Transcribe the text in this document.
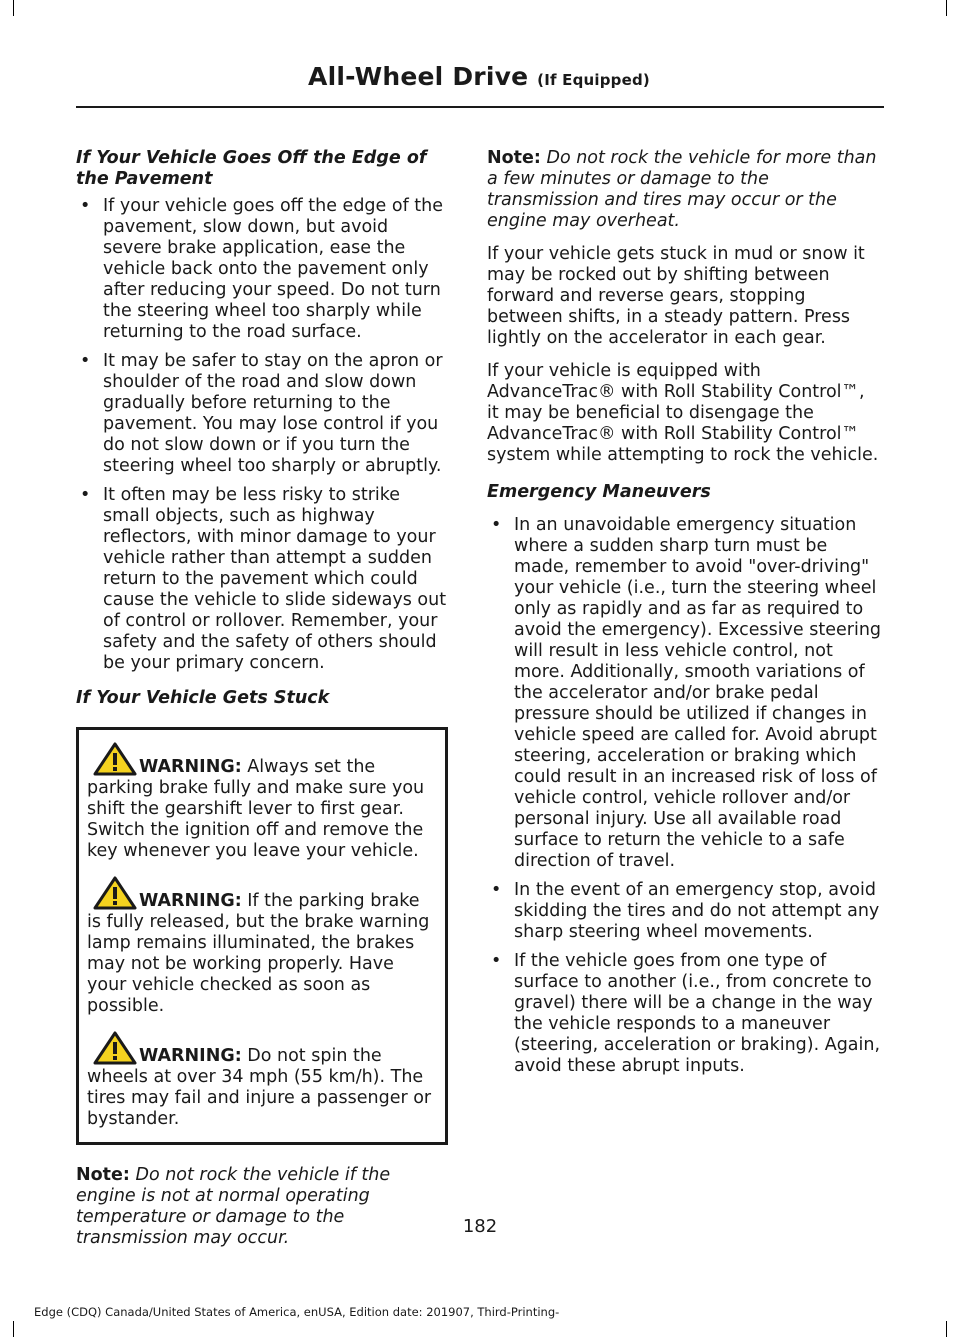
All-Wheel Drive (If Equipped)

If Your Vehicle Goes Off the Edge of the Pavement

• If your vehicle goes off the edge of the pavement, slow down, but avoid severe brake application, ease the vehicle back onto the pavement only after reducing your speed. Do not turn the steering wheel too sharply while returning to the road surface.
• It may be safer to stay on the apron or shoulder of the road and slow down gradually before returning to the pavement. You may lose control if you do not slow down or if you turn the steering wheel too sharply or abruptly.
• It often may be less risky to strike small objects, such as highway reflectors, with minor damage to your vehicle rather than attempt a sudden return to the pavement which could cause the vehicle to slide sideways out of control or rollover. Remember, your safety and the safety of others should be your primary concern.

If Your Vehicle Gets Stuck

WARNING: Always set the parking brake fully and make sure you shift the gearshift lever to first gear. Switch the ignition off and remove the key whenever you leave your vehicle.

WARNING: If the parking brake is fully released, but the brake warning lamp remains illuminated, the brakes may not be working properly. Have your vehicle checked as soon as possible.

WARNING: Do not spin the wheels at over 34 mph (55 km/h). The tires may fail and injure a passenger or bystander.

Note: Do not rock the vehicle if the engine is not at normal operating temperature or damage to the transmission may occur.

Note: Do not rock the vehicle for more than a few minutes or damage to the transmission and tires may occur or the engine may overheat.

If your vehicle gets stuck in mud or snow it may be rocked out by shifting between forward and reverse gears, stopping between shifts, in a steady pattern. Press lightly on the accelerator in each gear.

If your vehicle is equipped with AdvanceTrac® with Roll Stability Control™, it may be beneficial to disengage the AdvanceTrac® with Roll Stability Control™ system while attempting to rock the vehicle.

Emergency Maneuvers

• In an unavoidable emergency situation where a sudden sharp turn must be made, remember to avoid "over-driving" your vehicle (i.e., turn the steering wheel only as rapidly and as far as required to avoid the emergency). Excessive steering will result in less vehicle control, not more. Additionally, smooth variations of the accelerator and/or brake pedal pressure should be utilized if changes in vehicle speed are called for. Avoid abrupt steering, acceleration or braking which could result in an increased risk of loss of vehicle control, vehicle rollover and/or personal injury. Use all available road surface to return the vehicle to a safe direction of travel.
• In the event of an emergency stop, avoid skidding the tires and do not attempt any sharp steering wheel movements.
• If the vehicle goes from one type of surface to another (i.e., from concrete to gravel) there will be a change in the way the vehicle responds to a maneuver (steering, acceleration or braking). Again, avoid these abrupt inputs.
182
Edge (CDQ) Canada/United States of America, enUSA, Edition date: 201907, Third-Printing-
